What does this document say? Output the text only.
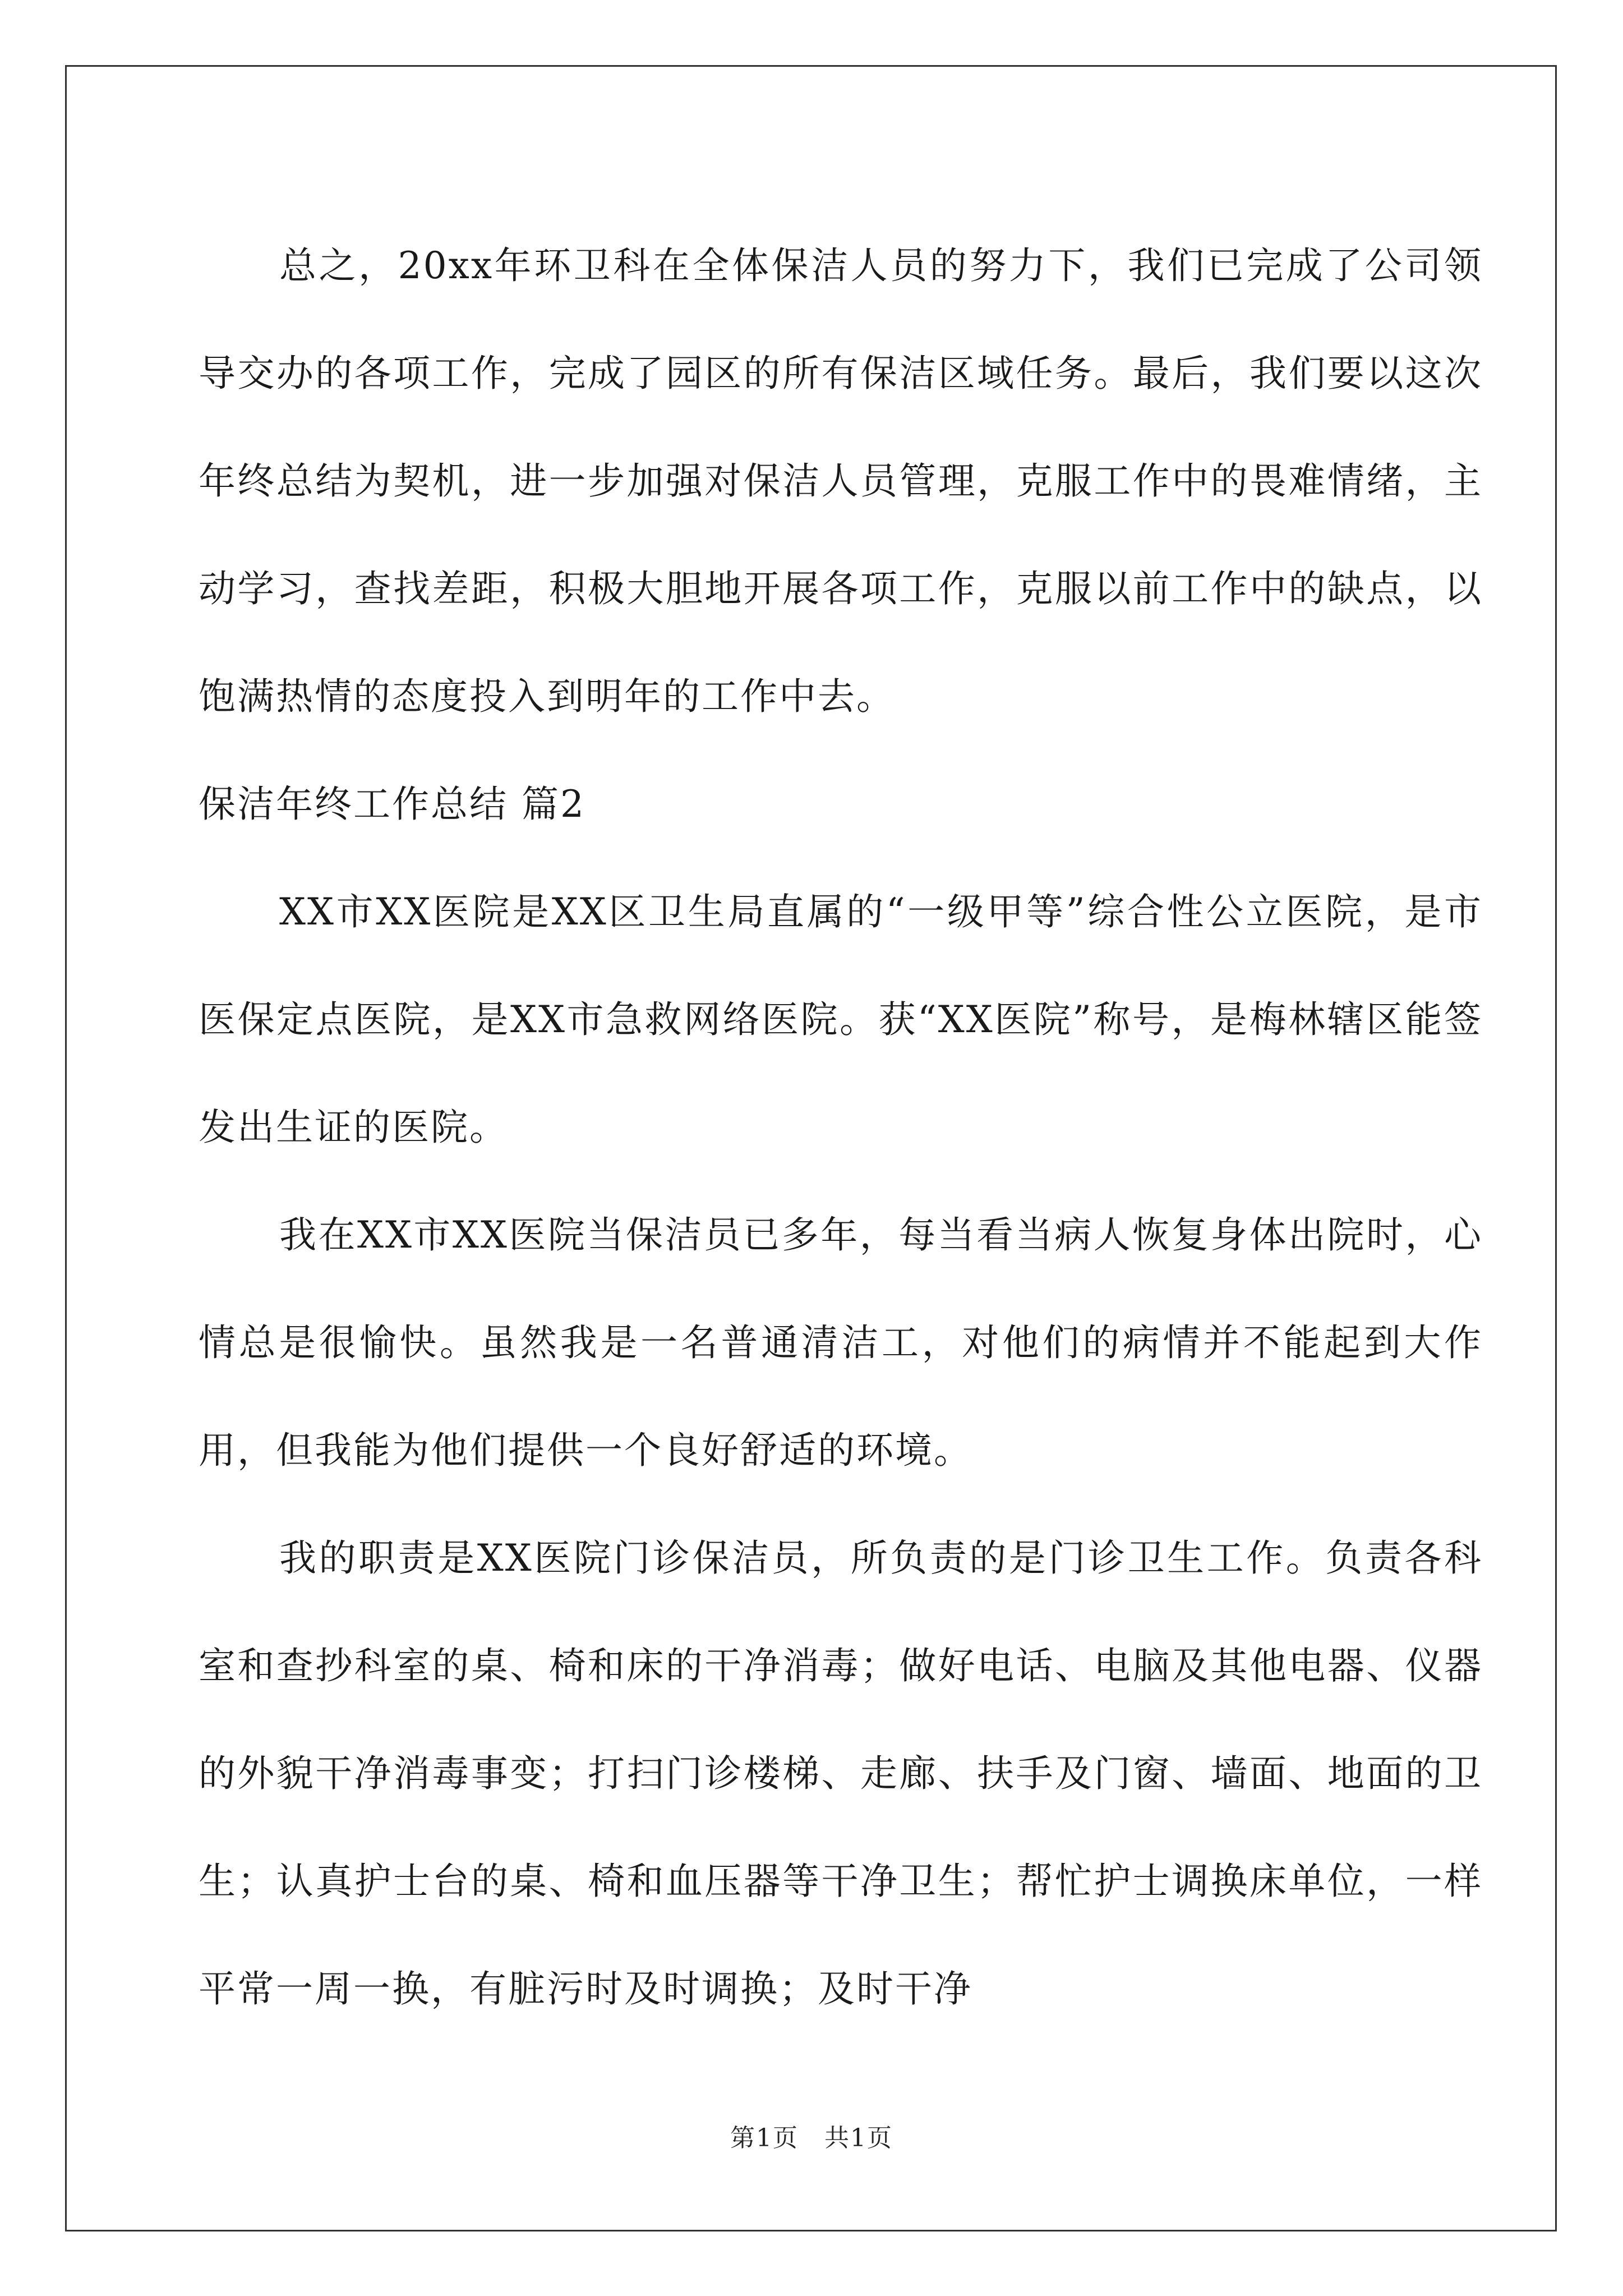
总之，20xx年环卫科在全体保洁人员的努力下，我们已完成了公司领导交办的各项工作，完成了园区的所有保洁区域任务。最后，我们要以这次年终总结为契机，进一步加强对保洁人员管理，克服工作中的畏难情绪，主动学习，查找差距，积极大胆地开展各项工作，克服以前工作中的缺点，以饱满热情的态度投入到明年的工作中去。

保洁年终工作总结 篇2

XX市XX医院是XX区卫生局直属的“一级甲等”综合性公立医院，是市医保定点医院，是XX市急救网络医院。获“XX医院”称号，是梅林辖区能签发出生证的医院。

我在XX市XX医院当保洁员已多年，每当看当病人恢复身体出院时，心情总是很愉快。虽然我是一名普通清洁工，对他们的病情并不能起到大作用，但我能为他们提供一个良好舒适的环境。

我的职责是XX医院门诊保洁员，所负责的是门诊卫生工作。负责各科室和查抄科室的桌、椅和床的干净消毒；做好电话、电脑及其他电器、仪器的外貌干净消毒事变；打扫门诊楼梯、走廊、扶手及门窗、墙面、地面的卫生；认真护士台的桌、椅和血压器等干净卫生；帮忙护士调换床单位，一样平常一周一换，有脏污时及时调换；及时干净

第1页　共1页
